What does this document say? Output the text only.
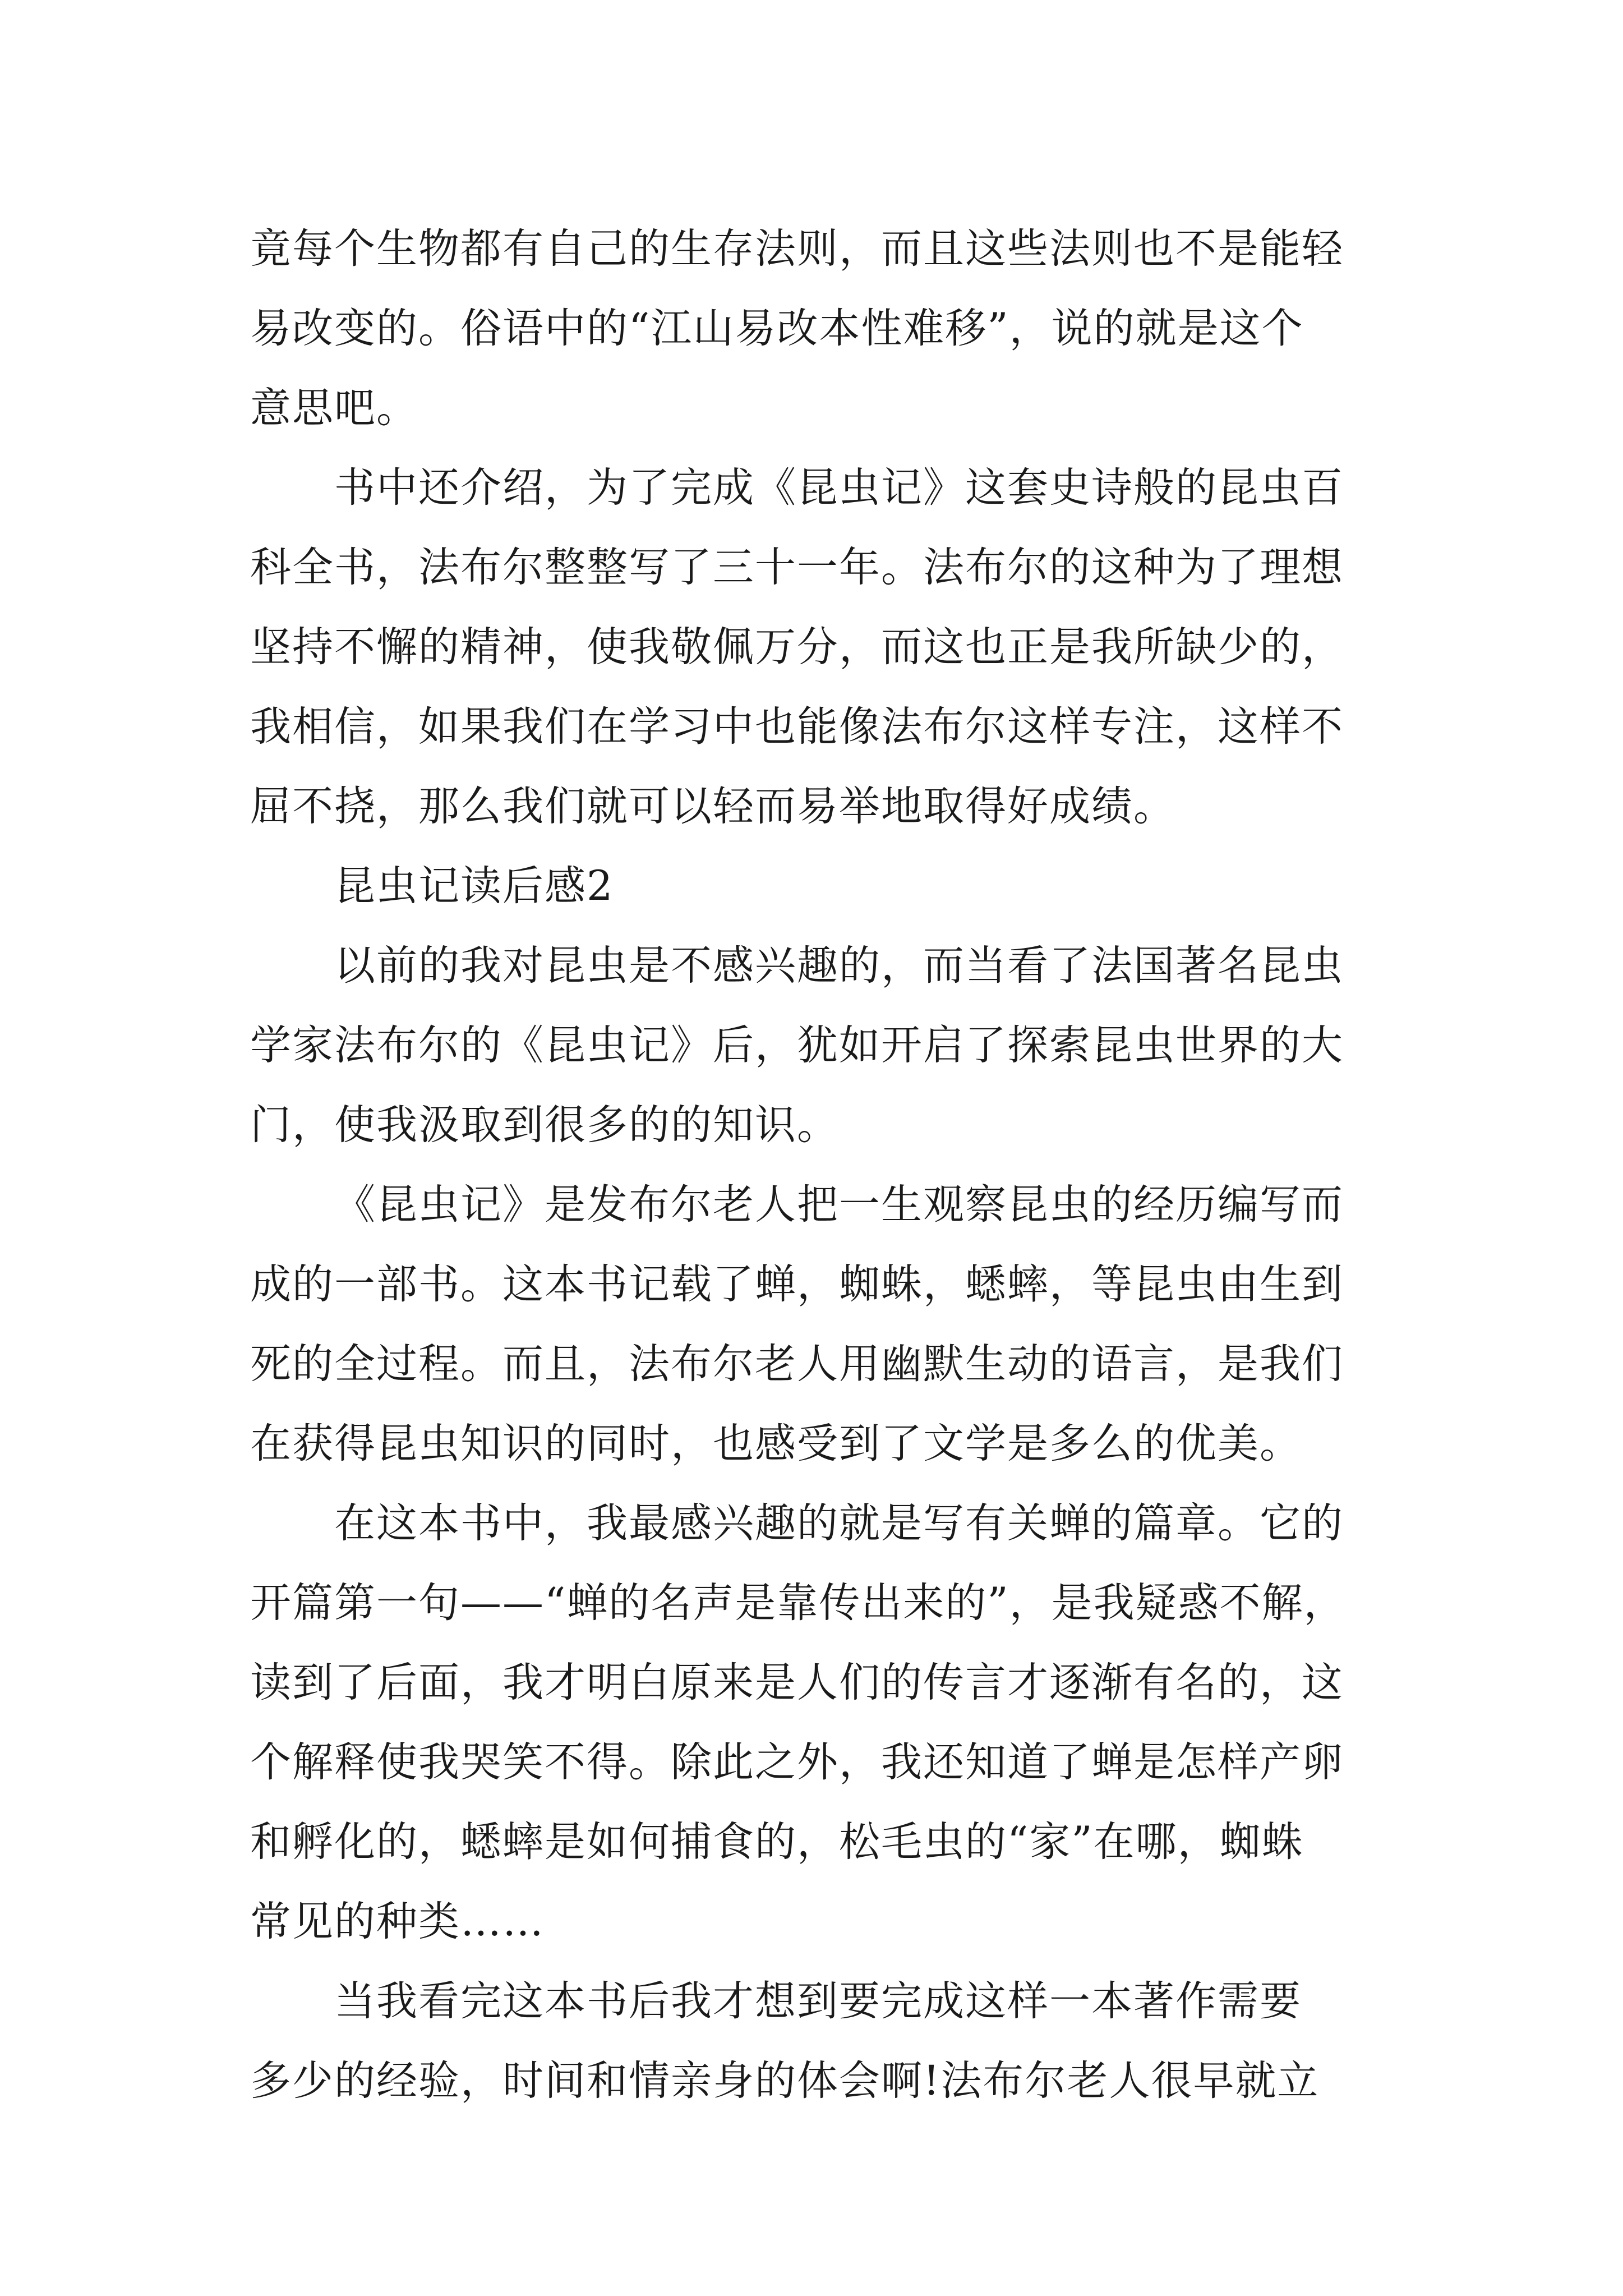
竟每个生物都有自己的生存法则，而且这些法则也不是能轻
易改变的。俗语中的“江山易改本性难移”，说的就是这个
意思吧。
书中还介绍，为了完成《昆虫记》这套史诗般的昆虫百
科全书，法布尔整整写了三十一年。法布尔的这种为了理想
坚持不懈的精神，使我敬佩万分，而这也正是我所缺少的，
我相信，如果我们在学习中也能像法布尔这样专注，这样不
屈不挠，那么我们就可以轻而易举地取得好成绩。
昆虫记读后感2
以前的我对昆虫是不感兴趣的，而当看了法国著名昆虫
学家法布尔的《昆虫记》后，犹如开启了探索昆虫世界的大
门，使我汲取到很多的的知识。
《昆虫记》是发布尔老人把一生观察昆虫的经历编写而
成的一部书。这本书记载了蝉，蜘蛛，蟋蟀，等昆虫由生到
死的全过程。而且，法布尔老人用幽默生动的语言，是我们
在获得昆虫知识的同时，也感受到了文学是多么的优美。
在这本书中，我最感兴趣的就是写有关蝉的篇章。它的
开篇第一句——“蝉的名声是靠传出来的”，是我疑惑不解，
读到了后面，我才明白原来是人们的传言才逐渐有名的，这
个解释使我哭笑不得。除此之外，我还知道了蝉是怎样产卵
和孵化的，蟋蟀是如何捕食的，松毛虫的“家”在哪，蜘蛛
常见的种类……
当我看完这本书后我才想到要完成这样一本著作需要
多少的经验，时间和情亲身的体会啊!法布尔老人很早就立
